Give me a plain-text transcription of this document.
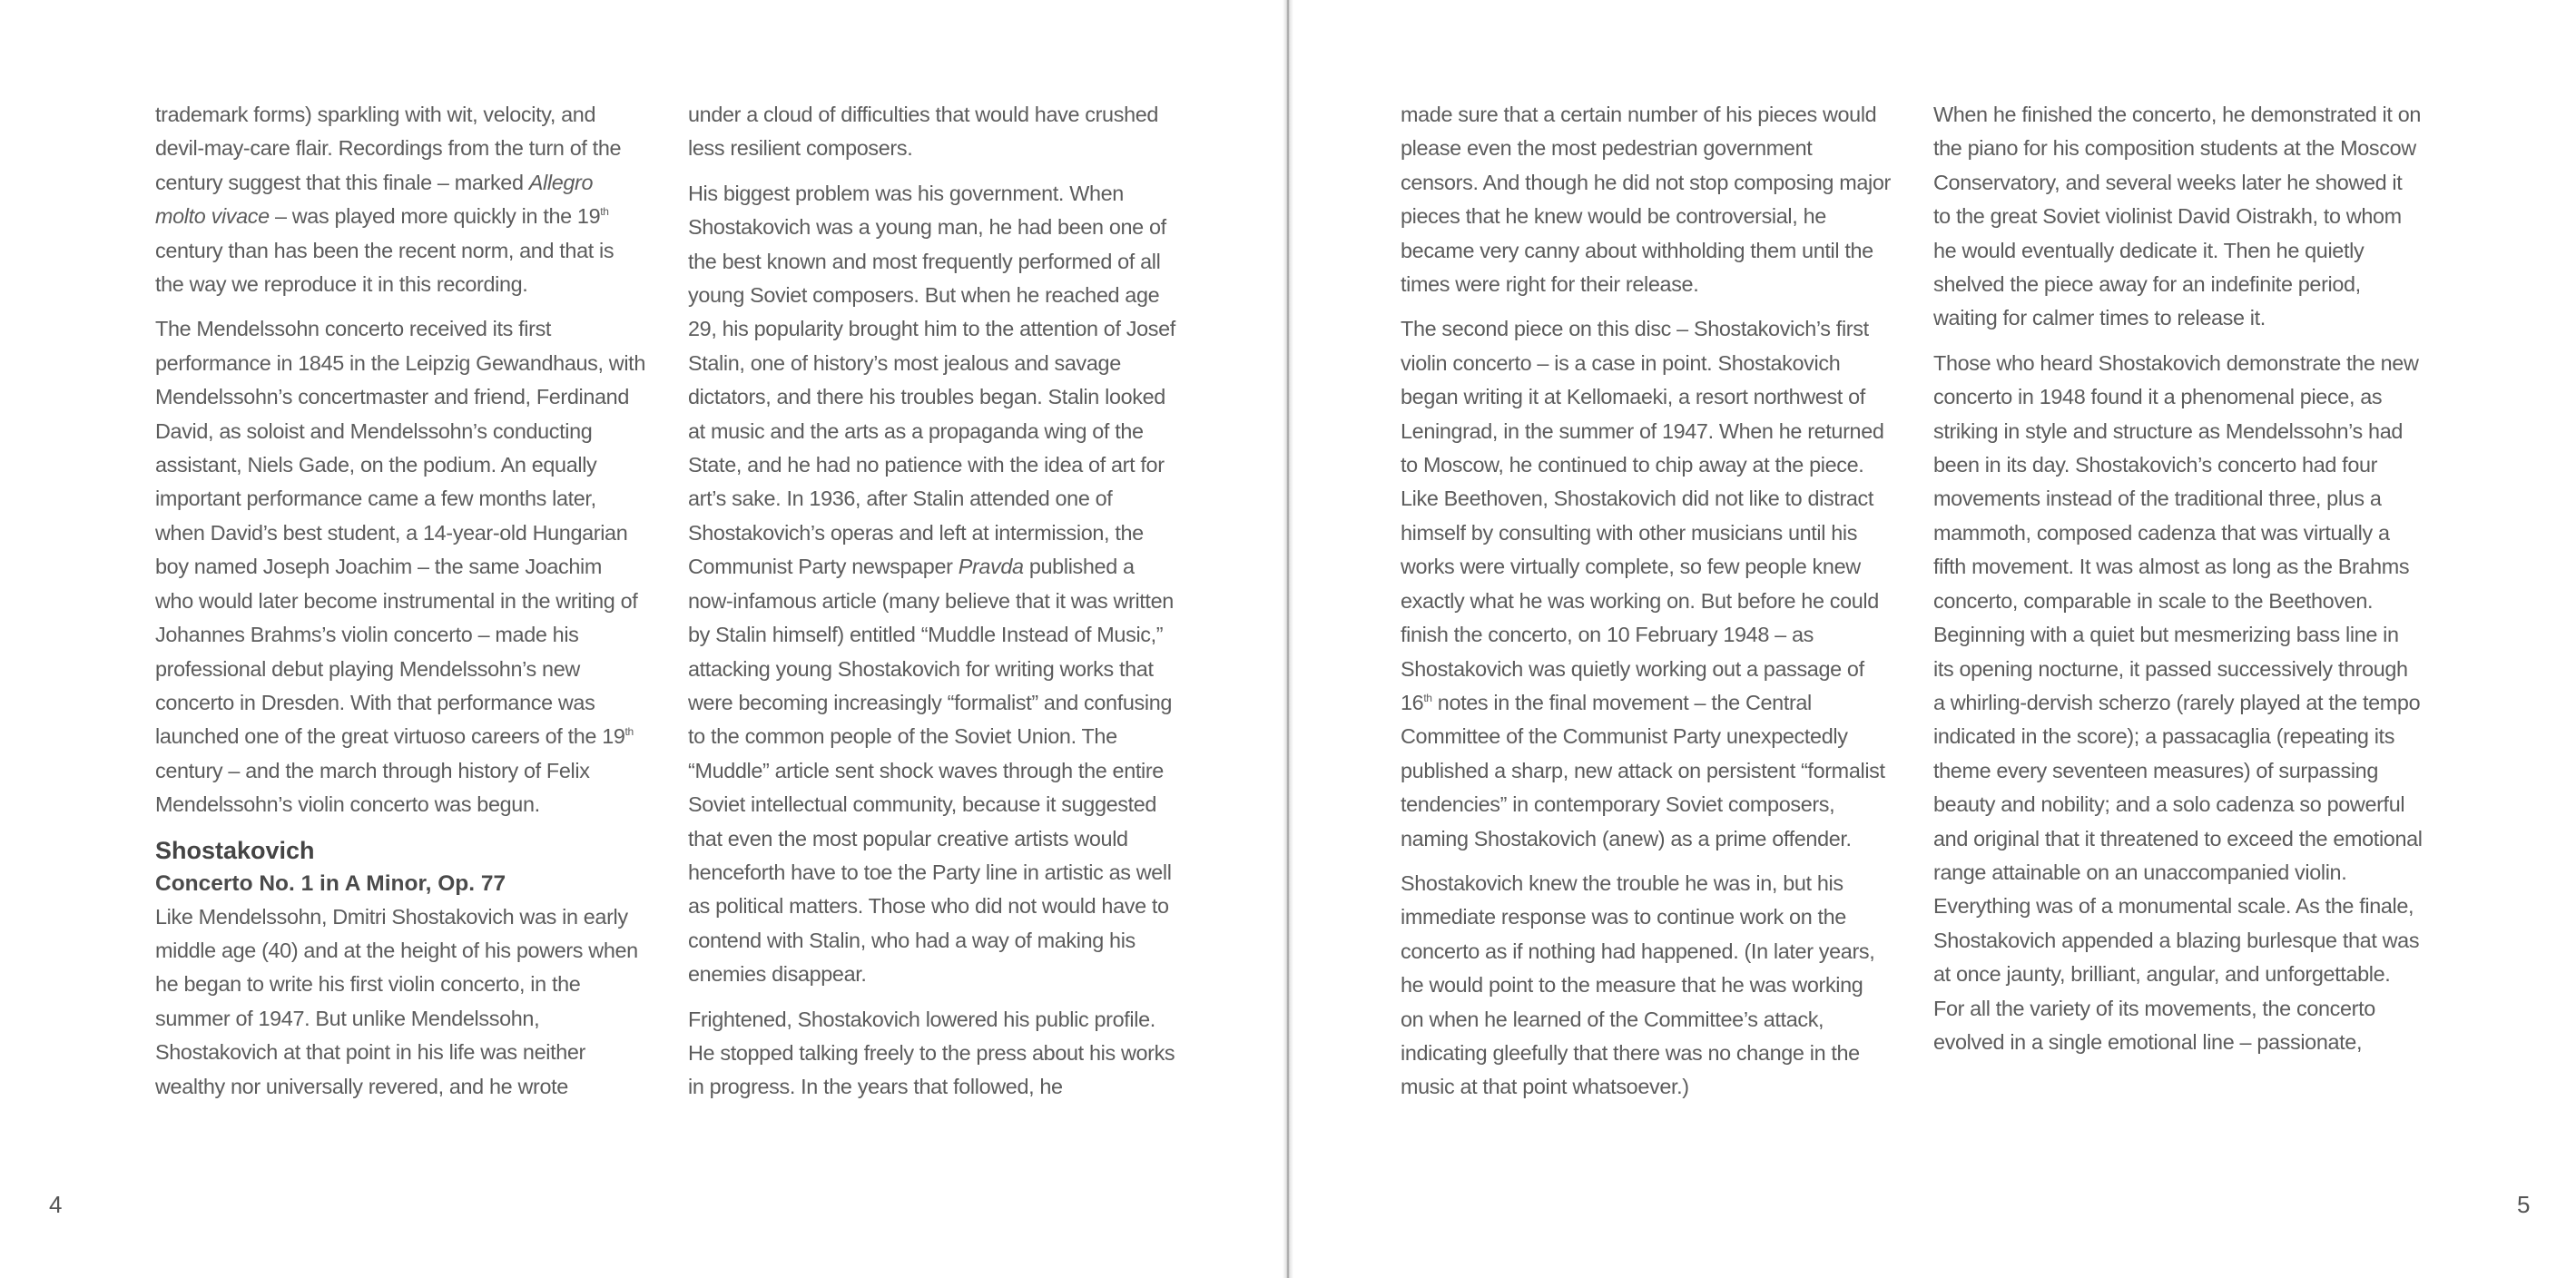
trademark forms) sparkling with wit, velocity, and devil-may-care flair. Recordings from the turn of the century suggest that this finale – marked Allegro molto vivace – was played more quickly in the 19th century than has been the recent norm, and that is the way we reproduce it in this recording.

The Mendelssohn concerto received its first performance in 1845 in the Leipzig Gewandhaus, with Mendelssohn’s concertmaster and friend, Ferdinand David, as soloist and Mendelssohn’s conducting assistant, Niels Gade, on the podium. An equally important performance came a few months later, when David’s best student, a 14-year-old Hungarian boy named Joseph Joachim – the same Joachim who would later become instrumental in the writing of Johannes Brahms’s violin concerto – made his professional debut playing Mendelssohn’s new concerto in Dresden. With that performance was launched one of the great virtuoso careers of the 19th century – and the march through history of Felix Mendelssohn’s violin concerto was begun.

Shostakovich
Concerto No. 1 in A Minor, Op. 77

Like Mendelssohn, Dmitri Shostakovich was in early middle age (40) and at the height of his powers when he began to write his first violin concerto, in the summer of 1947. But unlike Mendelssohn, Shostakovich at that point in his life was neither wealthy nor universally revered, and he wrote

under a cloud of difficulties that would have crushed less resilient composers.

His biggest problem was his government. When Shostakovich was a young man, he had been one of the best known and most frequently performed of all young Soviet composers. But when he reached age 29, his popularity brought him to the attention of Josef Stalin, one of history’s most jealous and savage dictators, and there his troubles began. Stalin looked at music and the arts as a propaganda wing of the State, and he had no patience with the idea of art for art’s sake. In 1936, after Stalin attended one of Shostakovich’s operas and left at intermission, the Communist Party newspaper Pravda published a now-infamous article (many believe that it was written by Stalin himself) entitled “Muddle Instead of Music,” attacking young Shostakovich for writing works that were becoming increasingly “formalist” and confusing to the common people of the Soviet Union. The “Muddle” article sent shock waves through the entire Soviet intellectual community, because it suggested that even the most popular creative artists would henceforth have to toe the Party line in artistic as well as political matters. Those who did not would have to contend with Stalin, who had a way of making his enemies disappear.

Frightened, Shostakovich lowered his public profile. He stopped talking freely to the press about his works in progress. In the years that followed, he

made sure that a certain number of his pieces would please even the most pedestrian government censors. And though he did not stop composing major pieces that he knew would be controversial, he became very canny about withholding them until the times were right for their release.

The second piece on this disc – Shostakovich’s first violin concerto – is a case in point. Shostakovich began writing it at Kellomaeki, a resort northwest of Leningrad, in the summer of 1947. When he returned to Moscow, he continued to chip away at the piece. Like Beethoven, Shostakovich did not like to distract himself by consulting with other musicians until his works were virtually complete, so few people knew exactly what he was working on. But before he could finish the concerto, on 10 February 1948 – as Shostakovich was quietly working out a passage of 16th notes in the final movement – the Central Committee of the Communist Party unexpectedly published a sharp, new attack on persistent “formalist tendencies” in contemporary Soviet composers, naming Shostakovich (anew) as a prime offender.

Shostakovich knew the trouble he was in, but his immediate response was to continue work on the concerto as if nothing had happened. (In later years, he would point to the measure that he was working on when he learned of the Committee’s attack, indicating gleefully that there was no change in the music at that point whatsoever.)

When he finished the concerto, he demonstrated it on the piano for his composition students at the Moscow Conservatory, and several weeks later he showed it to the great Soviet violinist David Oistrakh, to whom he would eventually dedicate it. Then he quietly shelved the piece away for an indefinite period, waiting for calmer times to release it.

Those who heard Shostakovich demonstrate the new concerto in 1948 found it a phenomenal piece, as striking in style and structure as Mendelssohn’s had been in its day. Shostakovich’s concerto had four movements instead of the traditional three, plus a mammoth, composed cadenza that was virtually a fifth movement. It was almost as long as the Brahms concerto, comparable in scale to the Beethoven. Beginning with a quiet but mesmerizing bass line in its opening nocturne, it passed successively through a whirling-dervish scherzo (rarely played at the tempo indicated in the score); a passacaglia (repeating its theme every seventeen measures) of surpassing beauty and nobility; and a solo cadenza so powerful and original that it threatened to exceed the emotional range attainable on an unaccompanied violin. Everything was of a monumental scale. As the finale, Shostakovich appended a blazing burlesque that was at once jaunty, brilliant, angular, and unforgettable. For all the variety of its movements, the concerto evolved in a single emotional line – passionate,

4	5
